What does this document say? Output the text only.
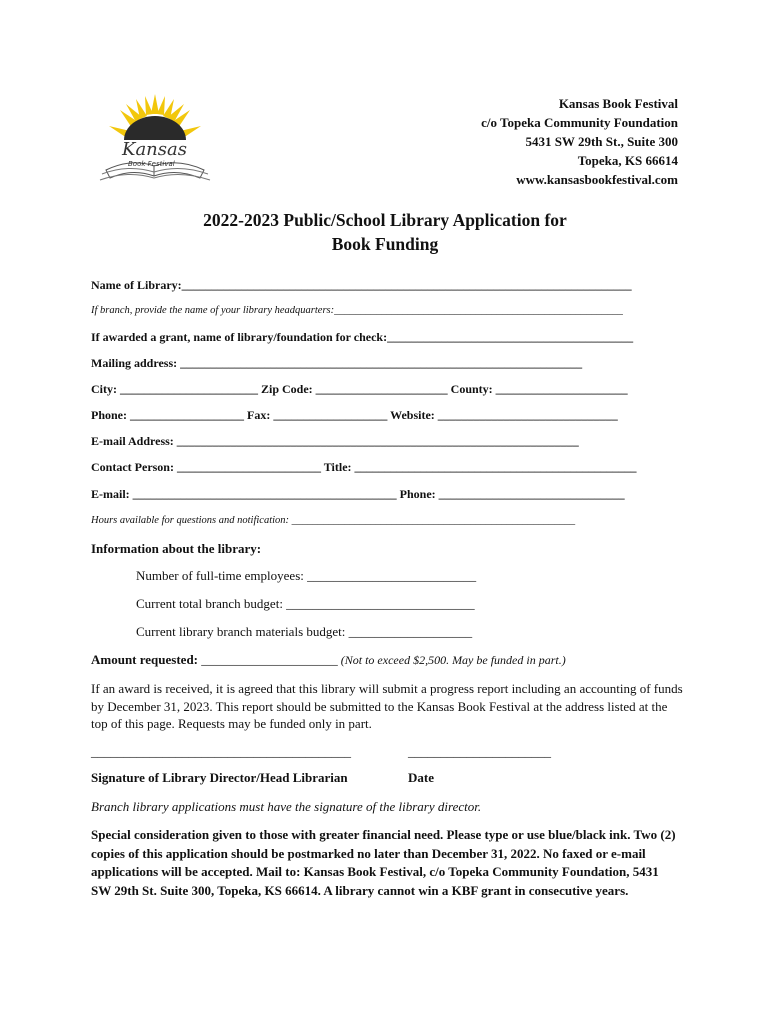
Kansas
Book Festival
Kansas Book Festival
c/o Topeka Community Foundation
5431 SW 29th St., Suite 300
Topeka, KS 66614
www.kansasbookfestival.com
2022-2023 Public/School Library Application for
Book Funding
Name of Library:___________________________________________________________________________
If branch, provide the name of your library headquarters:_______________________________________________________
If awarded a grant, name of library/foundation for check:_________________________________________
Mailing address: ___________________________________________________________________
City: _______________________ Zip Code: ______________________ County: ______________________
Phone: ___________________ Fax: ___________________ Website: ______________________________
E-mail Address: ___________________________________________________________________
Contact Person: ________________________ Title: _______________________________________________
E-mail: ____________________________________________ Phone: _______________________________
Hours available for questions and notification: ______________________________________________________
Information about the library:
Number of full-time employees: __________________________
Current total branch budget: _____________________________
Current library branch materials budget: ___________________
Amount requested: _____________________ (Not to exceed $2,500. May be funded in part.)
If an award is received, it is agreed that this library will submit a progress report including an accounting of funds by December 31, 2023. This report should be submitted to the Kansas Book Festival at the address listed at the top of this page. Requests may be funded only in part.
________________________________________	______________________
Signature of Library Director/Head Librarian	Date
Branch library applications must have the signature of the library director.
Special consideration given to those with greater financial need. Please type or use blue/black ink. Two (2) copies of this application should be postmarked no later than December 31, 2022. No faxed or e-mail applications will be accepted. Mail to: Kansas Book Festival, c/o Topeka Community Foundation, 5431 SW 29th St. Suite 300, Topeka, KS 66614. A library cannot win a KBF grant in consecutive years.
